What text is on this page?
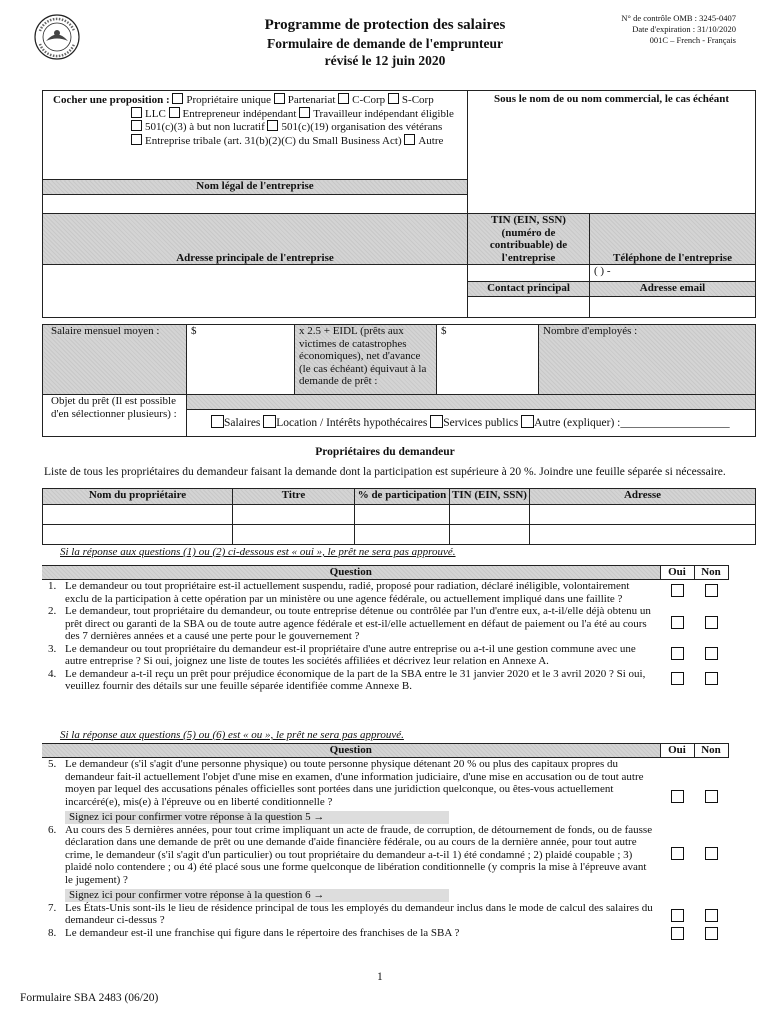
Programme de protection des salaires
Formulaire de demande de l'emprunteur
révisé le 12 juin 2020
N° de contrôle OMB : 3245-0407
Date d'expiration : 31/10/2020
001C – French - Français
Cocher une proposition : Propriétaire unique Partenariat C-Corp S-Corp
LLC Entrepreneur indépendant Travailleur indépendant éligible
501(c)(3) à but non lucratif 501(c)(19) organisation des vétérans
Entreprise tribale (art. 31(b)(2)(C) du Small Business Act) Autre	Sous le nom de ou nom commercial, le cas échéant	
Nom légal de l'entreprise		

Adresse principale de l'entreprise	TIN (EIN, SSN)(numéro de contribuable) de l'entreprise	Téléphone de l'entreprise
		( ) -
	Contact principal	Adresse email

Salaire mensuel moyen :	$	x 2.5 + EIDL (prêts aux victimes de catastrophes économiques), net d'avance (le cas échéant) équivaut à la demande de prêt :	$	Nombre d'employés :
Objet du prêt (Il est possible d'en sélectionner plusieurs) :	Salaires Location / Intérêts hypothécaires Services publics Autre (expliquer) :___________________			
Propriétaires du demandeur
Liste de tous les propriétaires du demandeur faisant la demande dont la participation est supérieure à 20 %. Joindre une feuille séparée si nécessaire.
Nom du propriétaire	Titre	% de participation	TIN (EIN, SSN)	Adresse

Si la réponse aux questions (1) ou (2) ci-dessous est « oui », le prêt ne sera pas approuvé.
Question	Oui	Non

1. Le demandeur ou tout propriétaire est-il actuellement suspendu, radié, proposé pour radiation, déclaré inéligible, volontairement exclu de la participation à cette opération par un ministère ou une agence fédérale, ou actuellement impliqué dans une faillite ?		

2. Le demandeur, tout propriétaire du demandeur, ou toute entreprise détenue ou contrôlée par l'un d'entre eux, a-t-il/elle déjà obtenu un prêt direct ou garanti de la SBA ou de toute autre agence fédérale et est-il/elle actuellement en défaut de paiement ou l'a été au cours des 7 dernières années et a causé une perte pour le gouvernement ?		

3. Le demandeur ou tout propriétaire du demandeur est-il propriétaire d'une autre entreprise ou a-t-il une gestion commune avec une autre entreprise ? Si oui, joignez une liste de toutes les sociétés affiliées et décrivez leur relation en Annexe A.		

4. Le demandeur a-t-il reçu un prêt pour préjudice économique de la part de la SBA entre le 31 janvier 2020 et le 3 avril 2020 ? Si oui, veuillez fournir des détails sur une feuille séparée identifiée comme Annexe B.		
Si la réponse aux questions (5) ou (6) est « ou », le prêt ne sera pas approuvé.
Question	Oui	Non

5. Le demandeur (s'il s'agit d'une personne physique) ou toute personne physique détenant 20 % ou plus des capitaux propres du demandeur fait-il actuellement l'objet d'une mise en examen, d'une information judiciaire, d'une mise en accusation ou de tout autre moyen par lequel des accusations pénales officielles sont portées dans une juridiction quelconque, ou êtes-vous actuellement incarcéré(e), mis(e) à l'épreuve ou en liberté conditionnelle ?		
Signez ici pour confirmer votre réponse à la question 5 →		

6. Au cours des 5 dernières années, pour tout crime impliquant un acte de fraude, de corruption, de détournement de fonds, ou de fausse déclaration dans une demande de prêt ou une demande d'aide financière fédérale, ou au cours de la dernière année, pour tout autre crime, le demandeur (s'il s'agit d'un particulier) ou tout propriétaire du demandeur a-t-il 1) été condamné ; 2) plaidé coupable ; 3) plaidé nolo contendere ; ou 4) été placé sous une forme quelconque de libération conditionnelle (y compris la mise à l'épreuve avant le jugement) ?		
Signez ici pour confirmer votre réponse à la question 6 →		

7. Les États-Unis sont-ils le lieu de résidence principal de tous les employés du demandeur inclus dans le mode de calcul des salaires du demandeur ci-dessus ?		

8. Le demandeur est-il une franchise qui figure dans le répertoire des franchises de la SBA ?		
1
Formulaire SBA 2483 (06/20)
